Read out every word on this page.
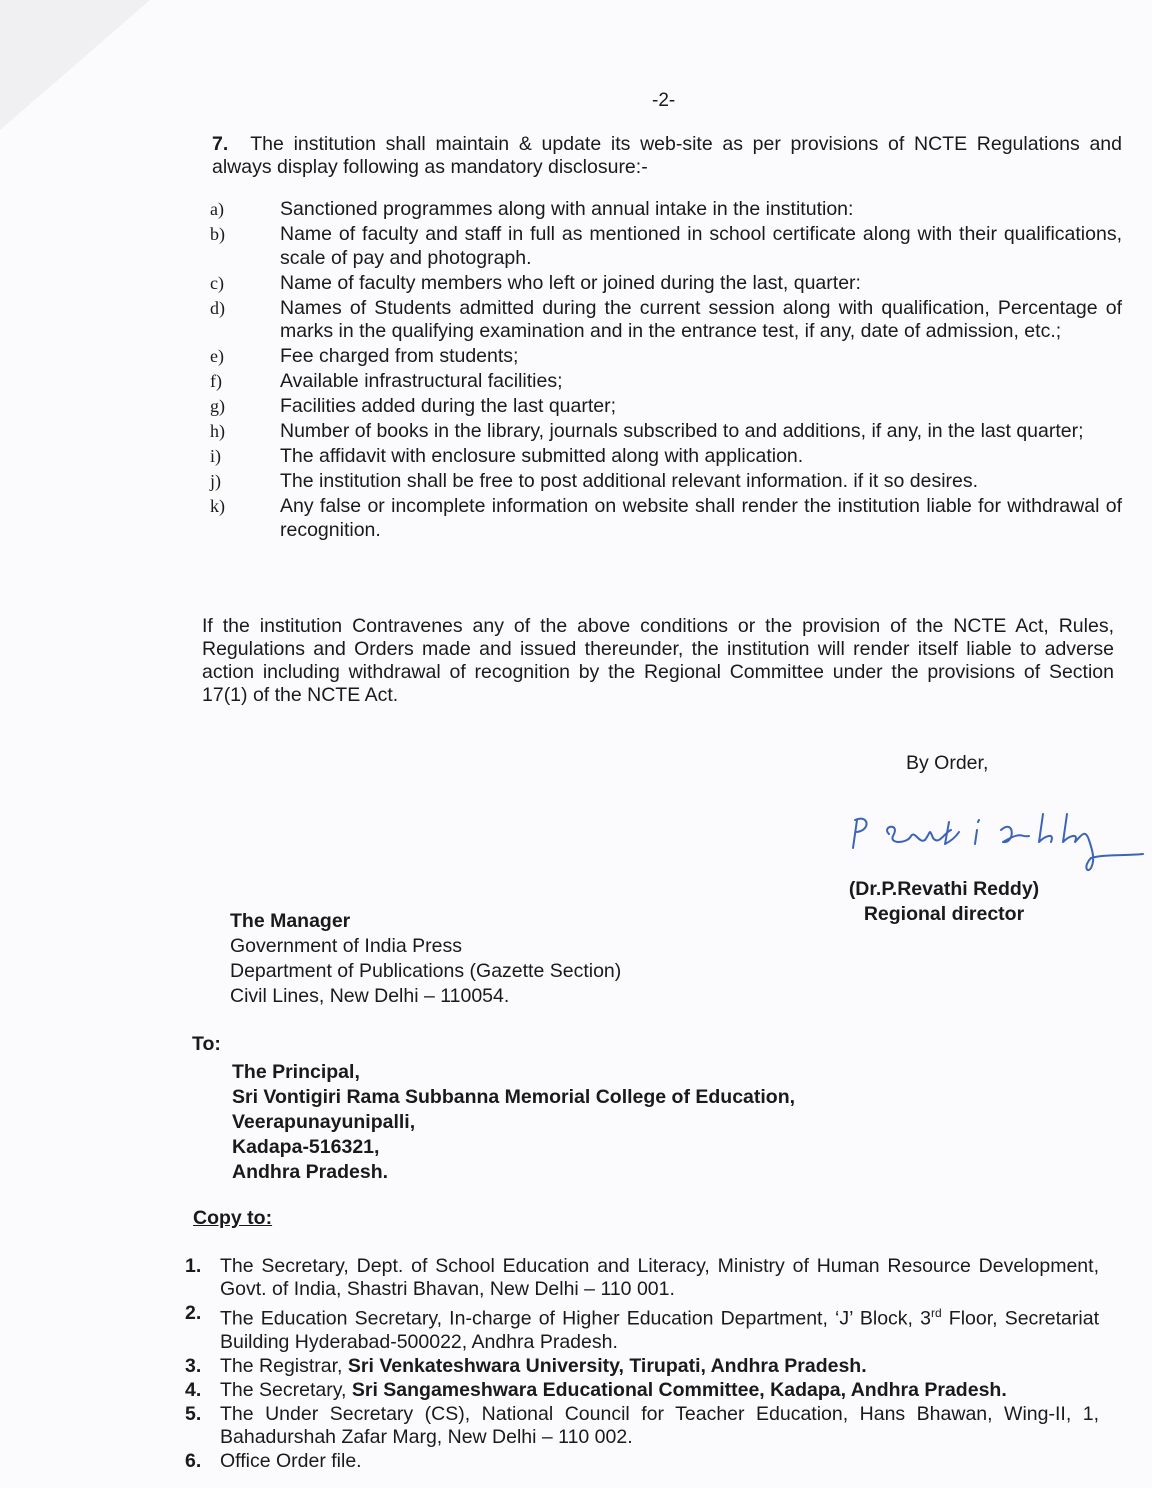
-2-
7. The institution shall maintain & update its web-site as per provisions of NCTE Regulations and always display following as mandatory disclosure:-
a)	Sanctioned programmes along with annual intake in the institution:
b)	Name of faculty and staff in full as mentioned in school certificate along with their qualifications, scale of pay and photograph.
c)	Name of faculty members who left or joined during the last, quarter:
d)	Names of Students admitted during the current session along with qualification, Percentage of marks in the qualifying examination and in the entrance test, if any, date of admission, etc.;
e)	Fee charged from students;
f)	Available infrastructural facilities;
g)	Facilities added during the last quarter;
h)	Number of books in the library, journals subscribed to and additions, if any, in the last quarter;
i)	The affidavit with enclosure submitted along with application.
j)	The institution shall be free to post additional relevant information. if it so desires.
k)	Any false or incomplete information on website shall render the institution liable for withdrawal of recognition.
If the institution Contravenes any of the above conditions or the provision of the NCTE Act, Rules, Regulations and Orders made and issued thereunder, the institution will render itself liable to adverse action including withdrawal of recognition by the Regional Committee under the provisions of Section 17(1) of the NCTE Act.
By Order,
(Dr.P.Revathi Reddy)
Regional director
The Manager
Government of India Press
Department of Publications (Gazette Section)
Civil Lines, New Delhi – 110054.
To:
The Principal,
Sri Vontigiri Rama Subbanna Memorial College of Education,
Veerapunayunipalli,
Kadapa-516321,
Andhra Pradesh.
Copy to:
1. The Secretary, Dept. of School Education and Literacy, Ministry of Human Resource Development, Govt. of India, Shastri Bhavan, New Delhi – 110 001.
2. The Education Secretary, In-charge of Higher Education Department, ‘J’ Block, 3rd Floor, Secretariat Building Hyderabad-500022, Andhra Pradesh.
3. The Registrar, Sri Venkateshwara University, Tirupati, Andhra Pradesh.
4. The Secretary, Sri Sangameshwara Educational Committee, Kadapa, Andhra Pradesh.
5. The Under Secretary (CS), National Council for Teacher Education, Hans Bhawan, Wing-II, 1, Bahadurshah Zafar Marg, New Delhi – 110 002.
6. Office Order file.
